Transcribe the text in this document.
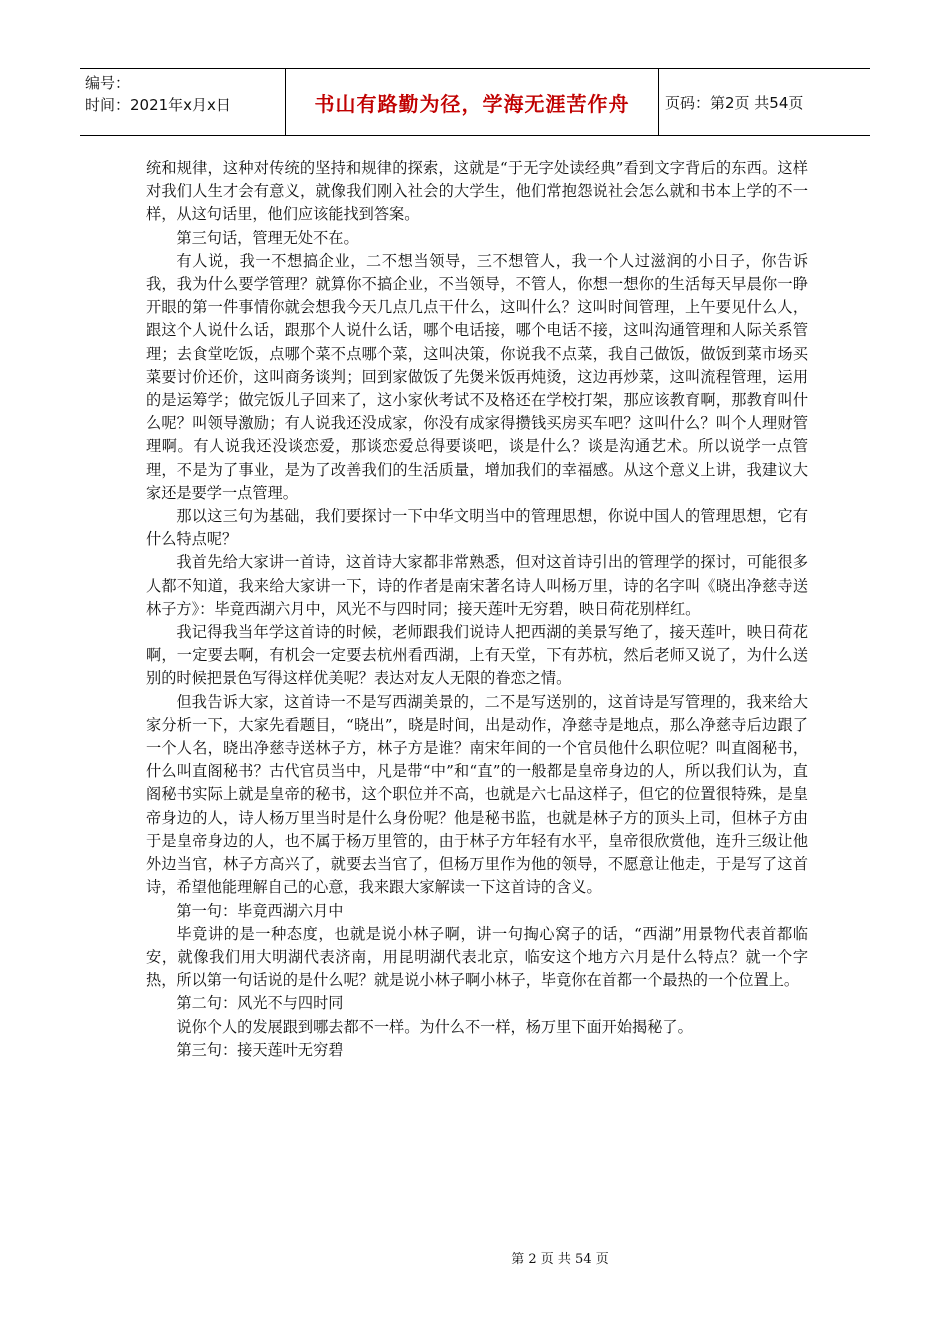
编号：
时间：2021年x月x日	书山有路勤为径，学海无涯苦作舟	页码：第2页 共54页

统和规律，这种对传统的坚持和规律的探索，这就是“于无字处读经典”看到文字背后的东西。这样对我们人生才会有意义，就像我们刚入社会的大学生，他们常抱怨说社会怎么就和书本上学的不一样，从这句话里，他们应该能找到答案。

第三句话，管理无处不在。

有人说，我一不想搞企业，二不想当领导，三不想管人，我一个人过滋润的小日子，你告诉我，我为什么要学管理？就算你不搞企业，不当领导，不管人，你想一想你的生活每天早晨你一睁开眼的第一件事情你就会想我今天几点几点干什么，这叫什么？这叫时间管理，上午要见什么人，跟这个人说什么话，跟那个人说什么话，哪个电话接，哪个电话不接，这叫沟通管理和人际关系管理；去食堂吃饭，点哪个菜不点哪个菜，这叫决策，你说我不点菜，我自己做饭，做饭到菜市场买菜要讨价还价，这叫商务谈判；回到家做饭了先煲米饭再炖烫，这边再炒菜，这叫流程管理，运用的是运筹学；做完饭儿子回来了，这小家伙考试不及格还在学校打架，那应该教育啊，那教育叫什么呢？叫领导激励；有人说我还没成家，你没有成家得攒钱买房买车吧？这叫什么？叫个人理财管理啊。有人说我还没谈恋爱，那谈恋爱总得要谈吧，谈是什么？谈是沟通艺术。所以说学一点管理，不是为了事业，是为了改善我们的生活质量，增加我们的幸福感。从这个意义上讲，我建议大家还是要学一点管理。

那以这三句为基础，我们要探讨一下中华文明当中的管理思想，你说中国人的管理思想，它有什么特点呢？

我首先给大家讲一首诗，这首诗大家都非常熟悉，但对这首诗引出的管理学的探讨，可能很多人都不知道，我来给大家讲一下，诗的作者是南宋著名诗人叫杨万里，诗的名字叫《晓出净慈寺送林子方》：毕竟西湖六月中，风光不与四时同；接天莲叶无穷碧，映日荷花别样红。

我记得我当年学这首诗的时候，老师跟我们说诗人把西湖的美景写绝了，接天莲叶，映日荷花啊，一定要去啊，有机会一定要去杭州看西湖，上有天堂，下有苏杭，然后老师又说了，为什么送别的时候把景色写得这样优美呢？表达对友人无限的眷恋之情。

但我告诉大家，这首诗一不是写西湖美景的，二不是写送别的，这首诗是写管理的，我来给大家分析一下，大家先看题目，“晓出”，晓是时间，出是动作，净慈寺是地点，那么净慈寺后边跟了一个人名，晓出净慈寺送林子方，林子方是谁？南宋年间的一个官员他什么职位呢？叫直阁秘书，什么叫直阁秘书？古代官员当中，凡是带“中”和“直”的一般都是皇帝身边的人，所以我们认为，直阁秘书实际上就是皇帝的秘书，这个职位并不高，也就是六七品这样子，但它的位置很特殊，是皇帝身边的人，诗人杨万里当时是什么身份呢？他是秘书监，也就是林子方的顶头上司，但林子方由于是皇帝身边的人，也不属于杨万里管的，由于林子方年轻有水平，皇帝很欣赏他，连升三级让他外边当官，林子方高兴了，就要去当官了，但杨万里作为他的领导，不愿意让他走，于是写了这首诗，希望他能理解自己的心意，我来跟大家解读一下这首诗的含义。

第一句：毕竟西湖六月中

毕竟讲的是一种态度，也就是说小林子啊，讲一句掏心窝子的话，“西湖”用景物代表首都临安，就像我们用大明湖代表济南，用昆明湖代表北京，临安这个地方六月是什么特点？就一个字热，所以第一句话说的是什么呢？就是说小林子啊小林子，毕竟你在首都一个最热的一个位置上。

第二句：风光不与四时同

说你个人的发展跟到哪去都不一样。为什么不一样，杨万里下面开始揭秘了。

第三句：接天莲叶无穷碧

第 2 页 共 54 页
